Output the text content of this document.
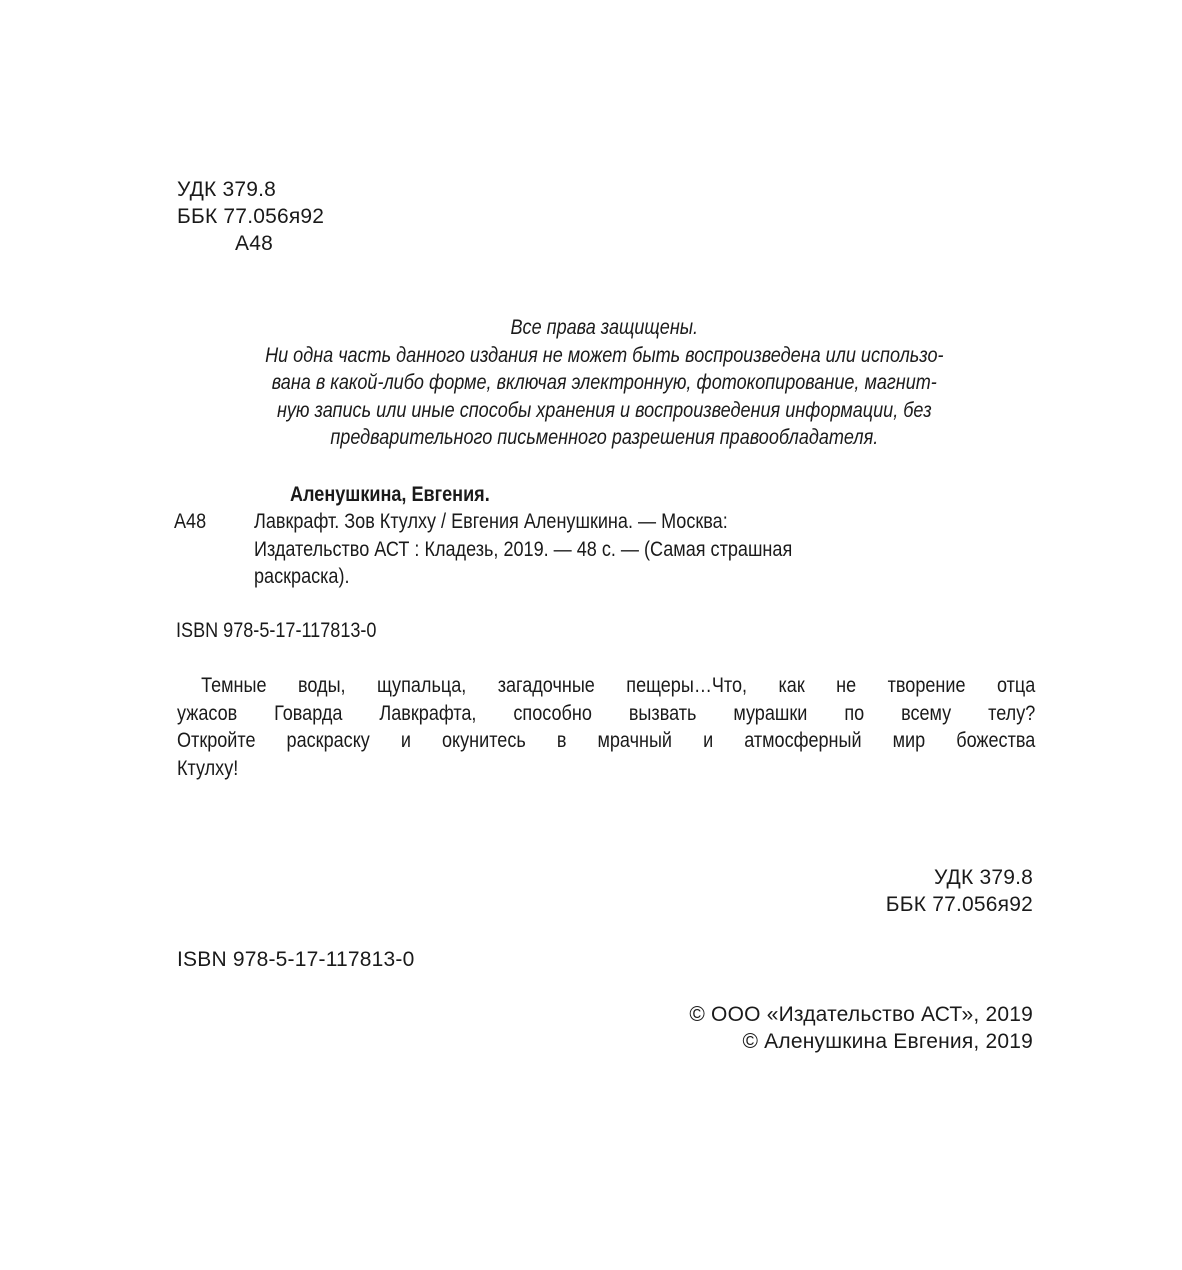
УДК 379.8
ББК 77.056я92
А48
Все права защищены.
Ни одна часть данного издания не может быть воспроизведена или использо-
вана в какой-либо форме, включая электронную, фотокопирование, магнит-
ную запись или иные способы хранения и воспроизведения информации, без
предварительного письменного разрешения правообладателя.
Аленушкина, Евгения.
А48 Лавкрафт. Зов Ктулху / Евгения Аленушкина. — Москва:
Издательство АСТ : Кладезь, 2019. — 48 с. — (Самая страшная
раскраска).
ISBN 978-5-17-117813-0

Темные воды, щупальца, загадочные пещеры…Что, как не творение отца

ужасов Говарда Лавкрафта, способно вызвать мурашки по всему телу?

Откройте раскраску и окунитесь в мрачный и атмосферный мир божества

Ктулху!

УДК 379.8
ББК 77.056я92
ISBN 978-5-17-117813-0
© ООО «Издательство АСТ», 2019
© Аленушкина Евгения, 2019
